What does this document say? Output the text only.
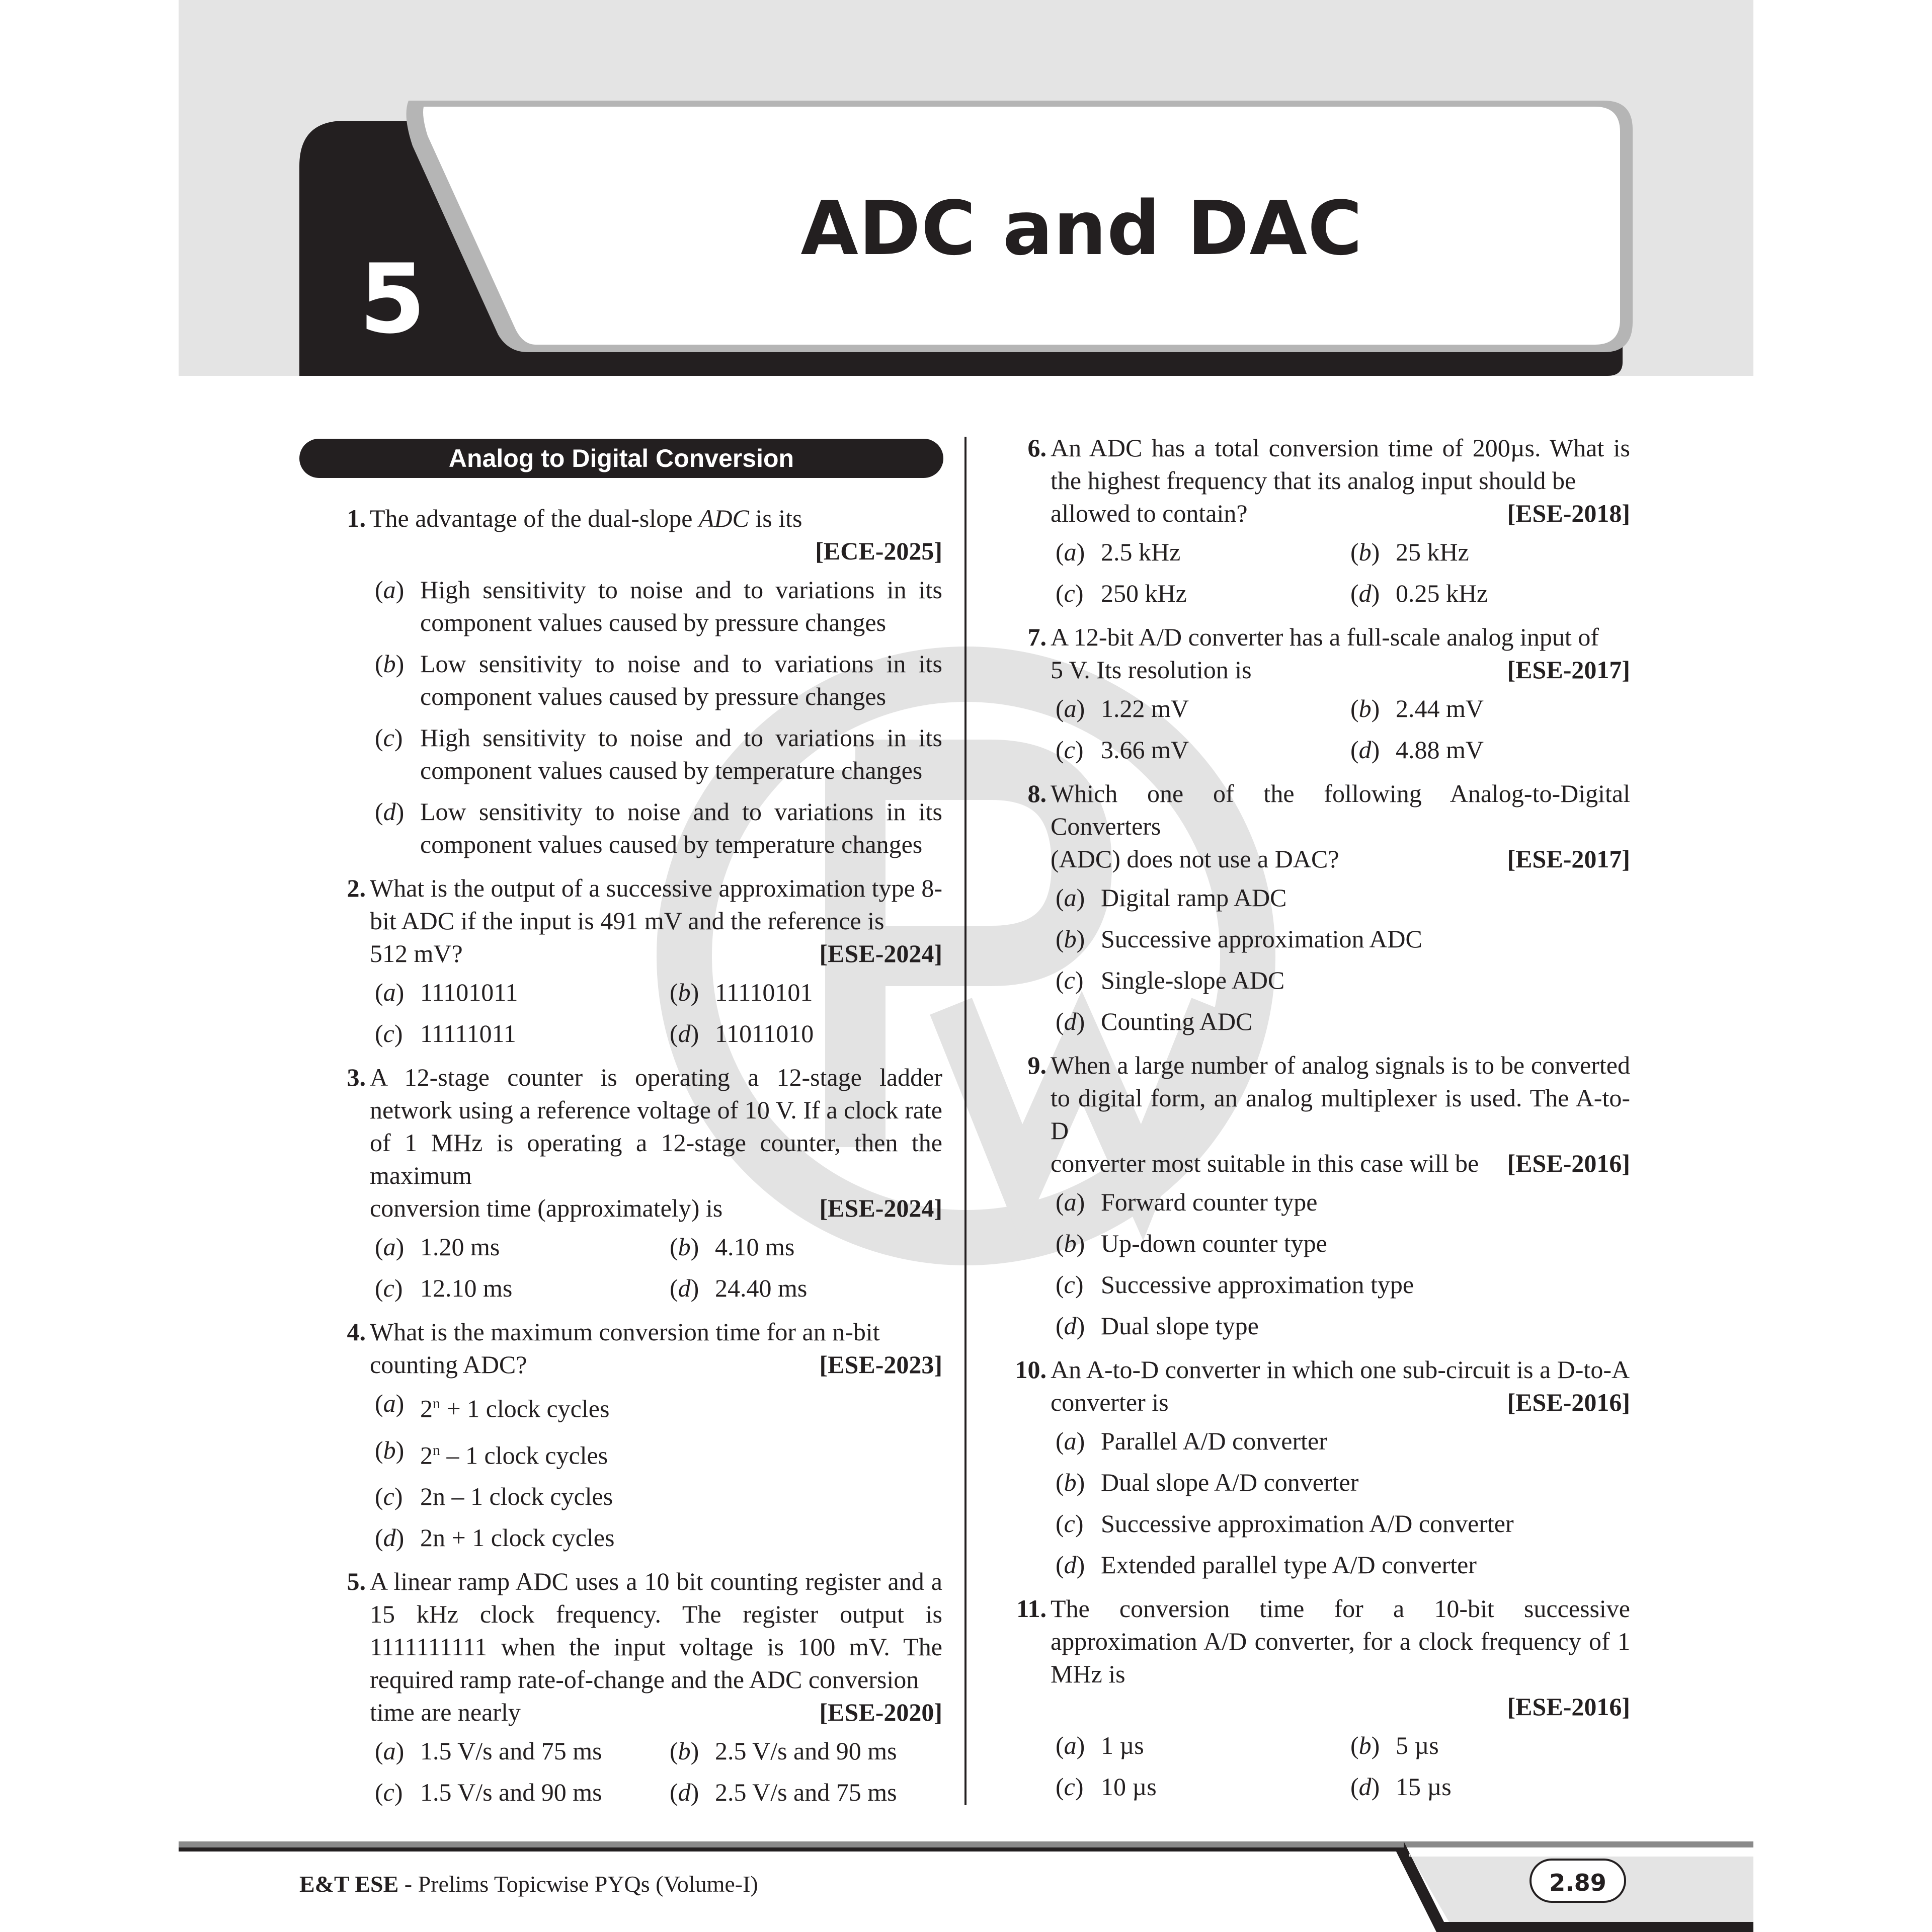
5
ADC and DAC
Analog to Digital Conversion
1. The advantage of the dual-slope ADC is its
[ECE-2025]
(a) High sensitivity to noise and to variations in its component values caused by pressure changes
(b) Low sensitivity to noise and to variations in its component values caused by pressure changes
(c) High sensitivity to noise and to variations in its component values caused by temperature changes
(d) Low sensitivity to noise and to variations in its component values caused by temperature changes
2. What is the output of a successive approximation type 8-bit ADC if the input is 491 mV and the reference is
512 mV?	[ESE-2024]
(a) 11101011	(b) 11110101
(c) 11111011	(d) 11011010
3. A 12-stage counter is operating a 12-stage ladder network using a reference voltage of 10 V. If a clock rate of 1 MHz is operating a 12-stage counter, then the maximum
conversion time (approximately) is	[ESE-2024]
(a) 1.20 ms	(b) 4.10 ms
(c) 12.10 ms	(d) 24.40 ms
4. What is the maximum conversion time for an n-bit
counting ADC?	[ESE-2023]
(a) $2^n + 1$ clock cycles
(b) 2$^n$ – 1 clock cycles
(c) 2n – 1 clock cycles
(d) 2n + 1 clock cycles
5. A linear ramp ADC uses a 10 bit counting register and a 15 kHz clock frequency. The register output is 1111111111 when the input voltage is 100 mV. The required ramp rate-of-change and the ADC conversion
time are nearly	[ESE-2020]
(a) 1.5 V/s and 75 ms	(b) 2.5 V/s and 90 ms
(c) 1.5 V/s and 90 ms	(d) 2.5 V/s and 75 ms
6. An ADC has a total conversion time of 200µs. What is the highest frequency that its analog input should be
allowed to contain?	[ESE-2018]
(a) 2.5 kHz	(b) 25 kHz
(c) 250 kHz	(d) 0.25 kHz
7. A 12-bit A/D converter has a full-scale analog input of
5 V. Its resolution is	[ESE-2017]
(a) 1.22 mV	(b) 2.44 mV
(c) 3.66 mV	(d) 4.88 mV
8. Which one of the following Analog-to-Digital Converters
(ADC) does not use a DAC?	[ESE-2017]
(a) Digital ramp ADC
(b) Successive approximation ADC
(c) Single-slope ADC
(d) Counting ADC
9. When a large number of analog signals is to be converted to digital form, an analog multiplexer is used. The A-to-D
converter most suitable in this case will be [ESE-2016]
(a) Forward counter type
(b) Up-down counter type
(c) Successive approximation type
(d) Dual slope type
10. An A-to-D converter in which one sub-circuit is a D-to-A
converter is	[ESE-2016]
(a) Parallel A/D converter
(b) Dual slope A/D converter
(c) Successive approximation A/D converter
(d) Extended parallel type A/D converter
11. The conversion time for a 10-bit successive approximation A/D converter, for a clock frequency of 1 MHz is
[ESE-2016]
(a) 1 µs	(b) 5 µs
(c) 10 µs	(d) 15 µs
E&T ESE - Prelims Topicwise PYQs (Volume-I)	2.89
